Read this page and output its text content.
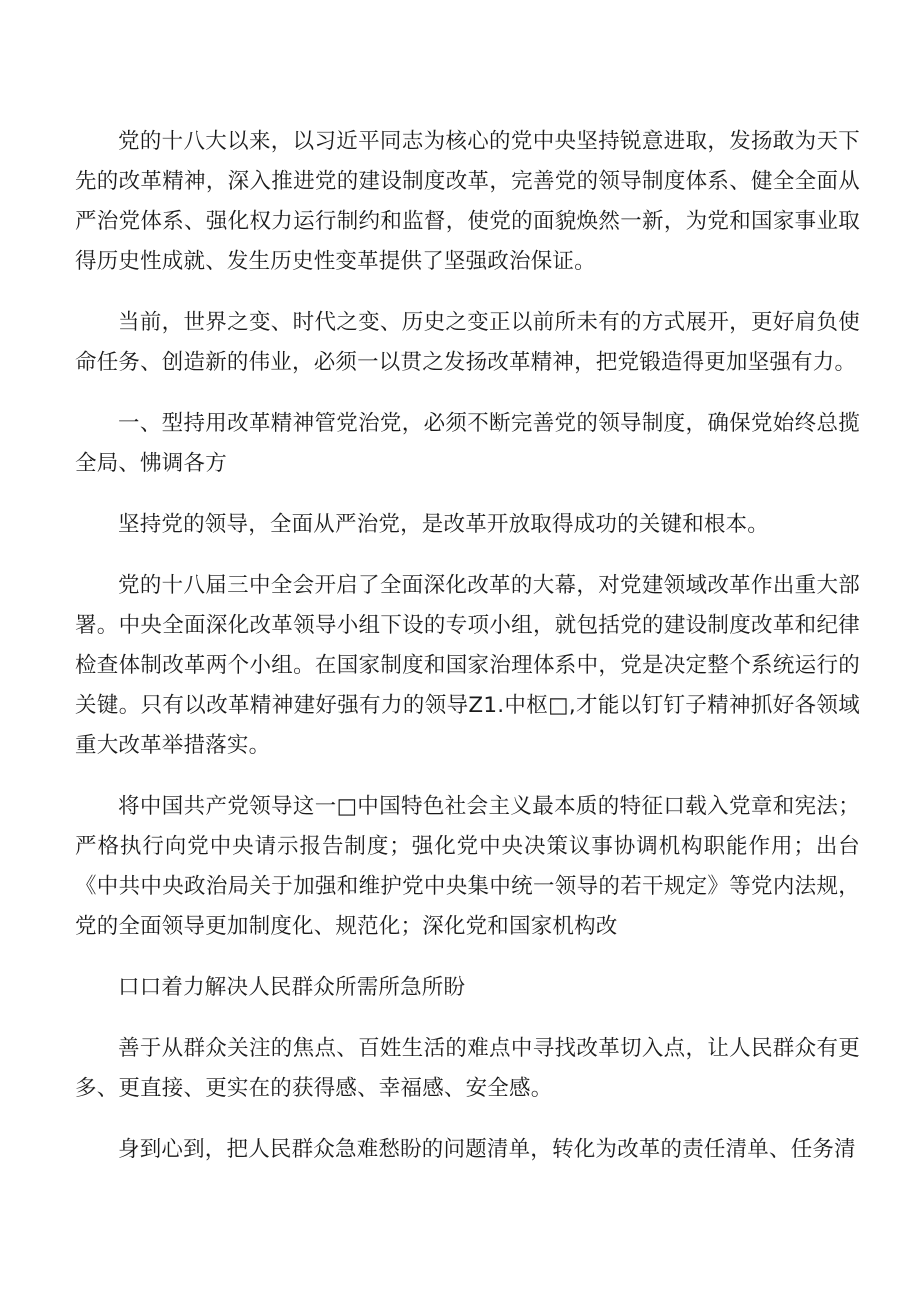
党的十八大以来，以习近平同志为核心的党中央坚持锐意进取，发扬敢为天下先的改革精神，深入推进党的建设制度改革，完善党的领导制度体系、健全全面从严治党体系、强化权力运行制约和监督，使党的面貌焕然一新，为党和国家事业取得历史性成就、发生历史性变革提供了坚强政治保证。

当前，世界之变、时代之变、历史之变正以前所未有的方式展开，更好肩负使命任务、创造新的伟业，必须一以贯之发扬改革精神，把党锻造得更加坚强有力。

一、型持用改革精神管党治党，必须不断完善党的领导制度，确保党始终总揽全局、怫调各方

坚持党的领导，全面从严治党，是改革开放取得成功的关键和根本。

党的十八届三中全会开启了全面深化改革的大幕，对党建领域改革作出重大部署。中央全面深化改革领导小组下设的专项小组，就包括党的建设制度改革和纪律检查体制改革两个小组。在国家制度和国家治理体系中，党是决定整个系统运行的关键。只有以改革精神建好强有力的领导Z1.中枢□,才能以钉钉子精神抓好各领域重大改革举措落实。

将中国共产党领导这一□中国特色社会主义最本质的特征口载入党章和宪法；严格执行向党中央请示报告制度；强化党中央决策议事协调机构职能作用；出台《中共中央政治局关于加强和维护党中央集中统一领导的若干规定》等党内法规，党的全面领导更加制度化、规范化；深化党和国家机构改

口口着力解决人民群众所需所急所盼

善于从群众关注的焦点、百姓生活的难点中寻找改革切入点，让人民群众有更多、更直接、更实在的获得感、幸福感、安全感。

身到心到，把人民群众急难愁盼的问题清单，转化为改革的责任清单、任务清
